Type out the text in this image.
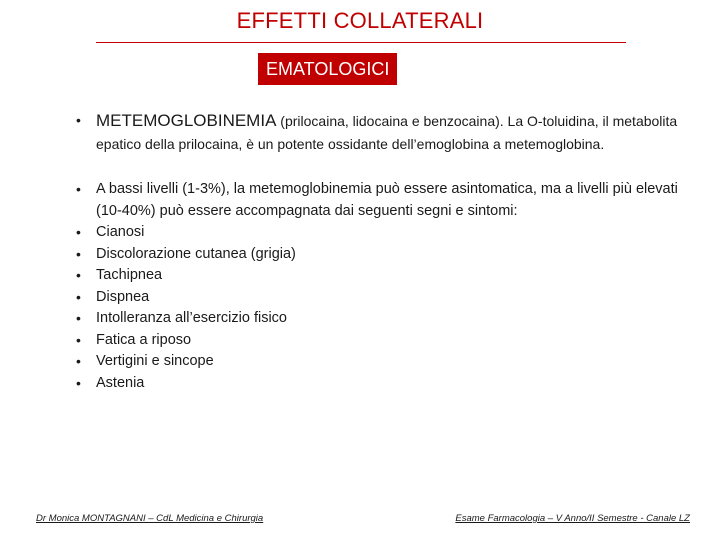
EFFETTI COLLATERALI
EMATOLOGICI
• METEMOGLOBINEMIA (prilocaina, lidocaina e benzocaina). La O-toluidina, il metabolita epatico della prilocaina, è un potente ossidante dell’emoglobina a metemoglobina.
• A bassi livelli (1-3%), la metemoglobinemia può essere asintomatica, ma a livelli più elevati (10-40%) può essere accompagnata dai seguenti segni e sintomi:
• Cianosi
• Discolorazione cutanea (grigia)
• Tachipnea
• Dispnea
• Intolleranza all’esercizio fisico
• Fatica a riposo
• Vertigini e sincope
• Astenia
Dr Monica MONTAGNANI – CdL Medicina e Chirurgia	Esame Farmacologia – V Anno/II Semestre - Canale LZ
